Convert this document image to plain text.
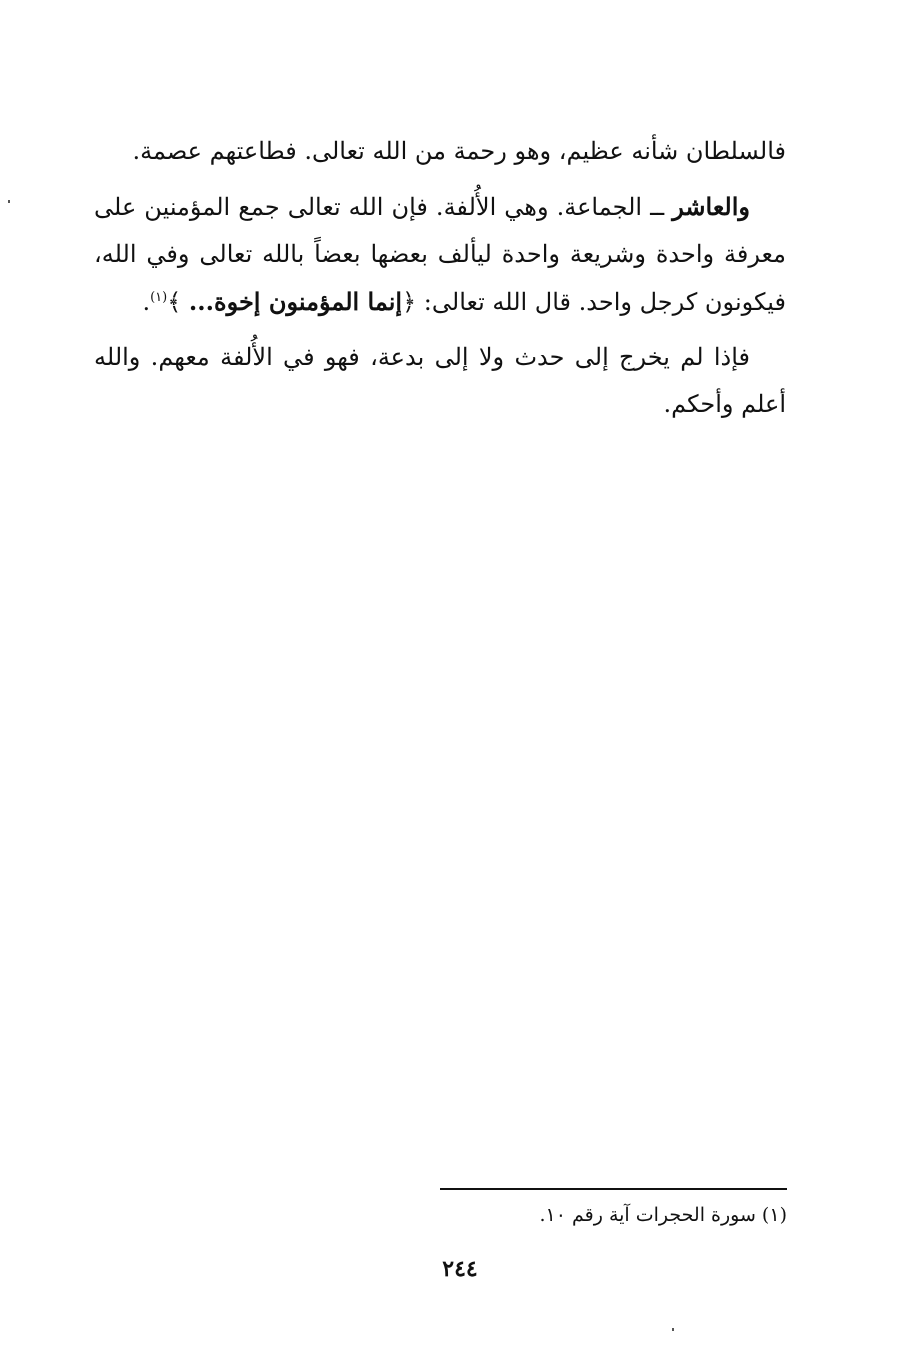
فالسلطان شأنه عظيم، وهو رحمة من الله تعالى. فطاعتهم عصمة.

والعاشر ــ الجماعة. وهي الأُلفة. فإن الله تعالى جمع المؤمنين على معرفة واحدة وشريعة واحدة ليألف بعضها بعضاً بالله تعالى وفي الله، فيكونون كرجل واحد. قال الله تعالى: ﴿إنما المؤمنون إخوة... ﴾$^{(١)}$.

فإذا لم يخرج إلى حدث ولا إلى بدعة، فهو في الأُلفة معهم. والله أعلم وأحكم.

(١) سورة الحجرات آية رقم ١٠.
٢٤٤
